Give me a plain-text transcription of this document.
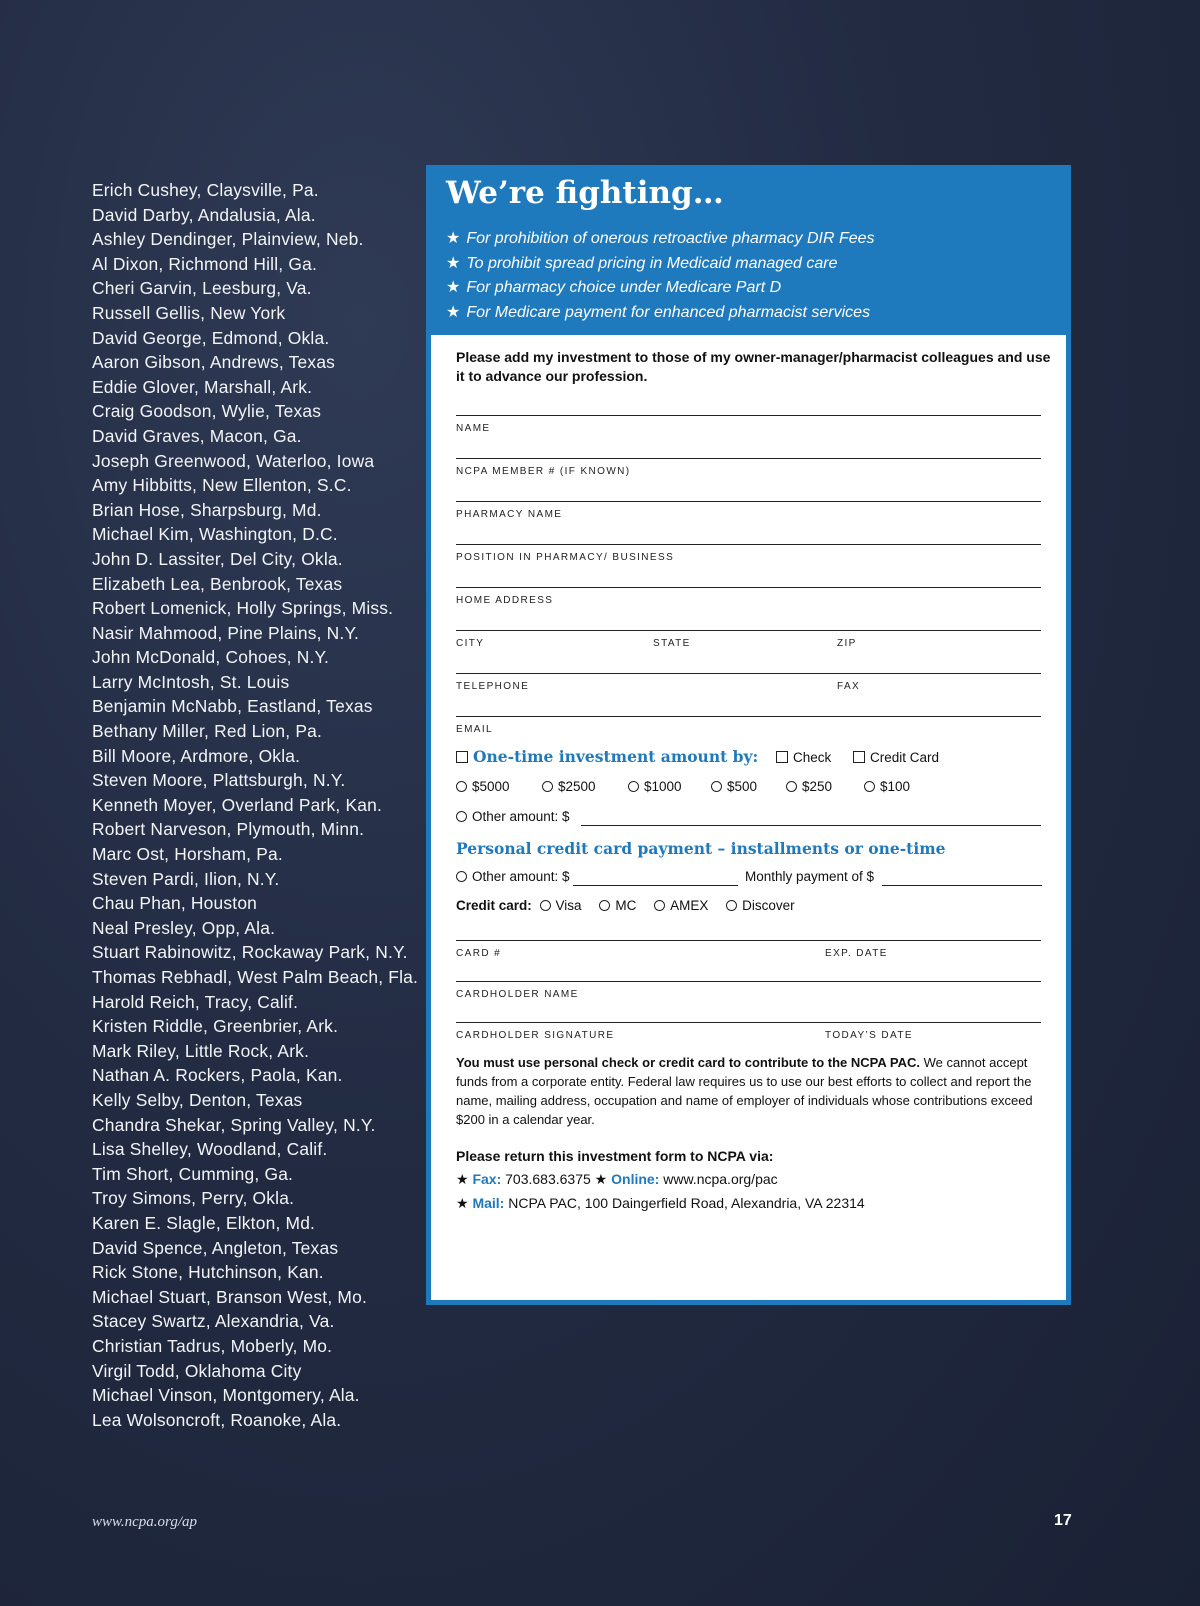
Erich Cushey, Claysville, Pa.
David Darby, Andalusia, Ala.
Ashley Dendinger, Plainview, Neb.
Al Dixon, Richmond Hill, Ga.
Cheri Garvin, Leesburg, Va.
Russell Gellis, New York
David George, Edmond, Okla.
Aaron Gibson, Andrews, Texas
Eddie Glover, Marshall, Ark.
Craig Goodson, Wylie, Texas
David Graves, Macon, Ga.
Joseph Greenwood, Waterloo, Iowa
Amy Hibbitts, New Ellenton, S.C.
Brian Hose, Sharpsburg, Md.
Michael Kim, Washington, D.C.
John D. Lassiter, Del City, Okla.
Elizabeth Lea, Benbrook, Texas
Robert Lomenick, Holly Springs, Miss.
Nasir Mahmood, Pine Plains, N.Y.
John McDonald, Cohoes, N.Y.
Larry McIntosh, St. Louis
Benjamin McNabb, Eastland, Texas
Bethany Miller, Red Lion, Pa.
Bill Moore, Ardmore, Okla.
Steven Moore, Plattsburgh, N.Y.
Kenneth Moyer, Overland Park, Kan.
Robert Narveson, Plymouth, Minn.
Marc Ost, Horsham, Pa.
Steven Pardi, Ilion, N.Y.
Chau Phan, Houston
Neal Presley, Opp, Ala.
Stuart Rabinowitz, Rockaway Park, N.Y.
Thomas Rebhadl, West Palm Beach, Fla.
Harold Reich, Tracy, Calif.
Kristen Riddle, Greenbrier, Ark.
Mark Riley, Little Rock, Ark.
Nathan A. Rockers, Paola, Kan.
Kelly Selby, Denton, Texas
Chandra Shekar, Spring Valley, N.Y.
Lisa Shelley, Woodland, Calif.
Tim Short, Cumming, Ga.
Troy Simons, Perry, Okla.
Karen E. Slagle, Elkton, Md.
David Spence, Angleton, Texas
Rick Stone, Hutchinson, Kan.
Michael Stuart, Branson West, Mo.
Stacey Swartz, Alexandria, Va.
Christian Tadrus, Moberly, Mo.
Virgil Todd, Oklahoma City
Michael Vinson, Montgomery, Ala.
Lea Wolsoncroft, Roanoke, Ala.
www.ncpa.org/ap	17
We’re fighting…
★ For prohibition of onerous retroactive pharmacy DIR Fees
★ To prohibit spread pricing in Medicaid managed care
★ For pharmacy choice under Medicare Part D
★ For Medicare payment for enhanced pharmacist services
Please add my investment to those of my owner-manager/pharmacist colleagues and use it to advance our profession.
NAME
NCPA MEMBER # (IF KNOWN)
PHARMACY NAME
POSITION IN PHARMACY/ BUSINESS
HOME ADDRESS
CITY	STATE	ZIP
TELEPHONE	FAX
EMAIL
One-time investment amount by:	Check	Credit Card
$5000	$2500	$1000	$500	$250	$100
Other amount: $
Personal credit card payment – installments or one-time
Other amount: $	Monthly payment of $
Credit card: Visa	MC	AMEX	Discover
CARD #	EXP. DATE
CARDHOLDER NAME
CARDHOLDER SIGNATURE	TODAY’S DATE
You must use personal check or credit card to contribute to the NCPA PAC. We cannot accept funds from a corporate entity. Federal law requires us to use our best efforts to collect and report the name, mailing address, occupation and name of employer of individuals whose contributions exceed $200 in a calendar year.
Please return this investment form to NCPA via:
★ Fax: 703.683.6375 ★ Online: www.ncpa.org/pac
★ Mail: NCPA PAC, 100 Daingerfield Road, Alexandria, VA 22314
